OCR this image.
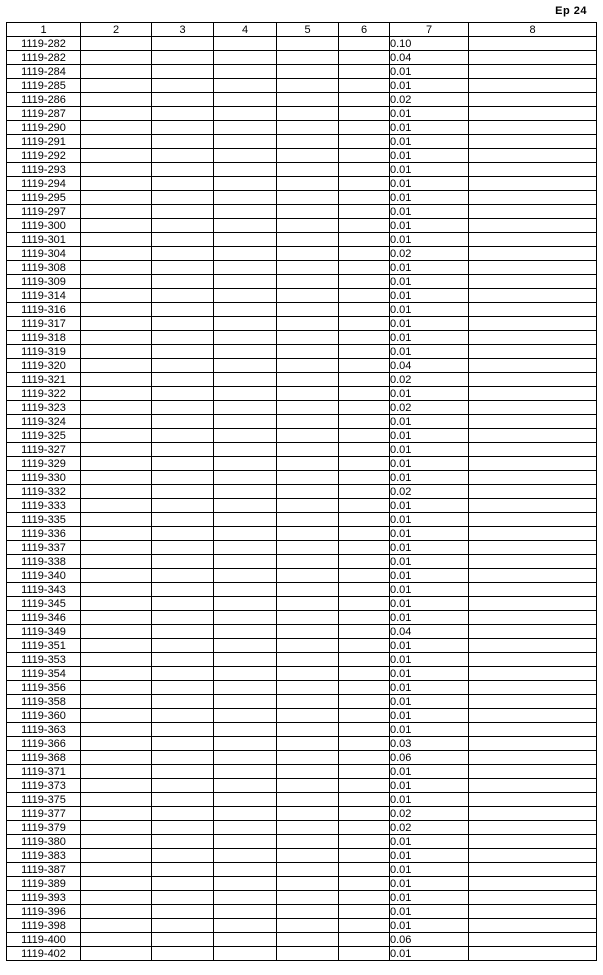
Ep 24
1	2	3	4	5	6	7	8
1119-282						0.10	
1119-282						0.04	
1119-284						0.01	
1119-285						0.01	
1119-286						0.02	
1119-287						0.01	
1119-290						0.01	
1119-291						0.01	
1119-292						0.01	
1119-293						0.01	
1119-294						0.01	
1119-295						0.01	
1119-297						0.01	
1119-300						0.01	
1119-301						0.01	
1119-304						0.02	
1119-308						0.01	
1119-309						0.01	
1119-314						0.01	
1119-316						0.01	
1119-317						0.01	
1119-318						0.01	
1119-319						0.01	
1119-320						0.04	
1119-321						0.02	
1119-322						0.01	
1119-323						0.02	
1119-324						0.01	
1119-325						0.01	
1119-327						0.01	
1119-329						0.01	
1119-330						0.01	
1119-332						0.02	
1119-333						0.01	
1119-335						0.01	
1119-336						0.01	
1119-337						0.01	
1119-338						0.01	
1119-340						0.01	
1119-343						0.01	
1119-345						0.01	
1119-346						0.01	
1119-349						0.04	
1119-351						0.01	
1119-353						0.01	
1119-354						0.01	
1119-356						0.01	
1119-358						0.01	
1119-360						0.01	
1119-363						0.01	
1119-366						0.03	
1119-368						0.06	
1119-371						0.01	
1119-373						0.01	
1119-375						0.01	
1119-377						0.02	
1119-379						0.02	
1119-380						0.01	
1119-383						0.01	
1119-387						0.01	
1119-389						0.01	
1119-393						0.01	
1119-396						0.01	
1119-398						0.01	
1119-400						0.06	
1119-402						0.01	
